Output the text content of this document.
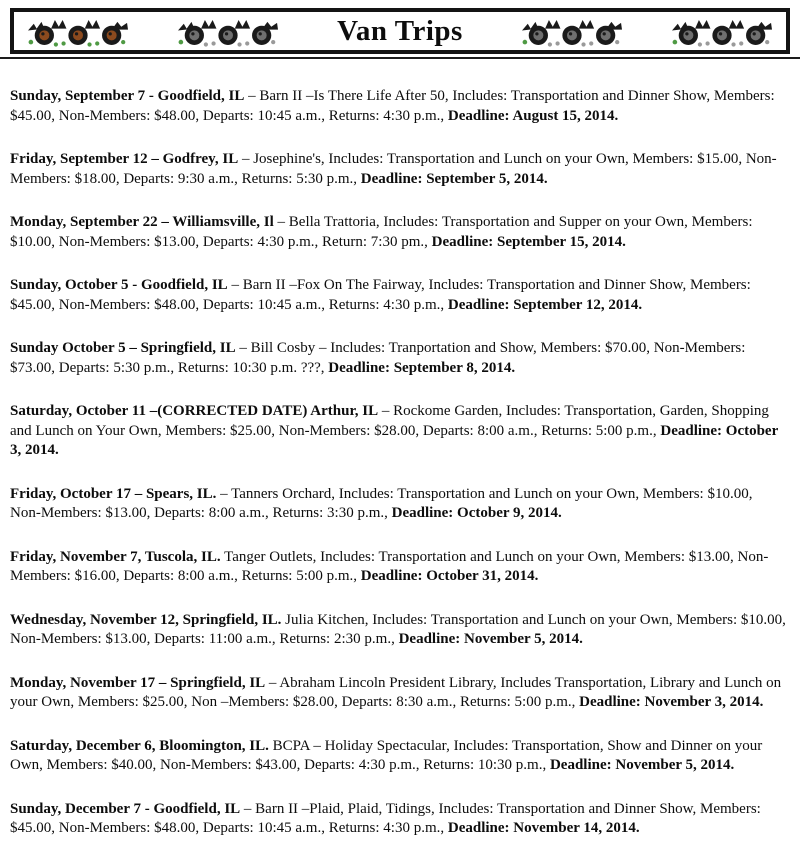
Van Trips

Sunday, September 7 - Goodfield, IL – Barn II –Is There Life After 50, Includes: Transportation and Dinner Show, Members: $45.00, Non-Members: $48.00, Departs: 10:45 a.m., Returns: 4:30 p.m., Deadline: August 15, 2014.

Friday, September 12 – Godfrey, IL – Josephine's, Includes: Transportation and Lunch on your Own, Members: $15.00, Non-Members: $18.00, Departs: 9:30 a.m., Returns: 5:30 p.m., Deadline: September 5, 2014.

Monday, September 22 – Williamsville, Il – Bella Trattoria, Includes: Transportation and Supper on your Own, Members: $10.00, Non-Members: $13.00, Departs: 4:30 p.m., Return: 7:30 pm., Deadline: September 15, 2014.

Sunday, October 5 - Goodfield, IL – Barn II –Fox On The Fairway, Includes: Transportation and Dinner Show, Members: $45.00, Non-Members: $48.00, Departs: 10:45 a.m., Returns: 4:30 p.m., Deadline: September 12, 2014.

Sunday October 5 – Springfield, IL – Bill Cosby – Includes: Tranportation and Show, Members: $70.00, Non-Members: $73.00, Departs: 5:30 p.m., Returns: 10:30 p.m. ???, Deadline: September 8, 2014.

Saturday, October 11 –(CORRECTED DATE) Arthur, IL – Rockome Garden, Includes: Transportation, Garden, Shopping and Lunch on Your Own, Members: $25.00, Non-Members: $28.00, Departs: 8:00 a.m., Returns: 5:00 p.m., Deadline: October 3, 2014.

Friday, October 17 – Spears, IL. – Tanners Orchard, Includes: Transportation and Lunch on your Own, Members: $10.00, Non-Members: $13.00, Departs: 8:00 a.m., Returns: 3:30 p.m., Deadline: October 9, 2014.

Friday, November 7, Tuscola, IL. Tanger Outlets, Includes: Transportation and Lunch on your Own, Members: $13.00, Non-Members: $16.00, Departs: 8:00 a.m., Returns: 5:00 p.m., Deadline: October 31, 2014.

Wednesday, November 12, Springfield, IL. Julia Kitchen, Includes: Transportation and Lunch on your Own, Members: $10.00, Non-Members: $13.00, Departs: 11:00 a.m., Returns: 2:30 p.m., Deadline: November 5, 2014.

Monday, November 17 – Springfield, IL – Abraham Lincoln President Library, Includes Transportation, Library and Lunch on your Own, Members: $25.00, Non –Members: $28.00, Departs: 8:30 a.m., Returns: 5:00 p.m., Deadline: November 3, 2014.

Saturday, December 6, Bloomington, IL. BCPA – Holiday Spectacular, Includes: Transportation, Show and Dinner on your Own, Members: $40.00, Non-Members: $43.00, Departs: 4:30 p.m., Returns: 10:30 p.m., Deadline: November 5, 2014.

Sunday, December 7 - Goodfield, IL – Barn II –Plaid, Plaid, Tidings, Includes: Transportation and Dinner Show, Members: $45.00, Non-Members: $48.00, Departs: 10:45 a.m., Returns: 4:30 p.m., Deadline: November 14, 2014.
